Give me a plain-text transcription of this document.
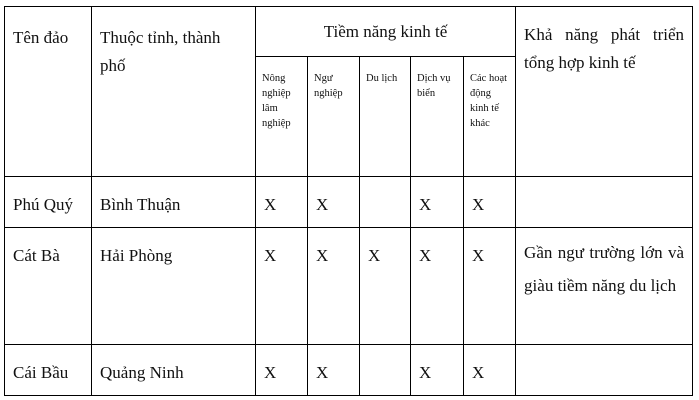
Tên đảo	Thuộc tỉnh, thành phố	Tiềm năng kinh tế					Khả năng phát triển tổng hợp kinh tế
		Nông nghiệp lâm nghiệp	Ngư nghiệp	Du lịch	Dịch vụ biển	Các hoạt động kinh tế khác	
Phú Quý	Bình Thuận	X	X		X	X	
Cát Bà	Hải Phòng	X	X	X	X	X	Gần ngư trường lớn và giàu tiềm năng du lịch
Cái Bầu	Quảng Ninh	X	X		X	X	
